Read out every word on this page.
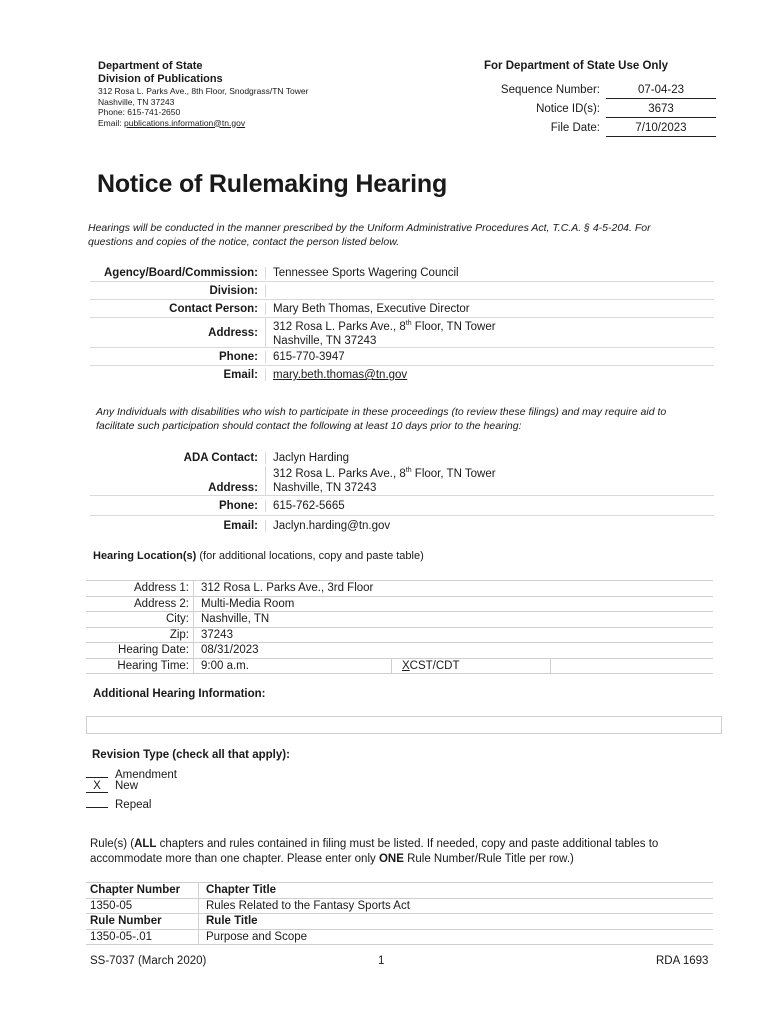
Department of State
Division of Publications
312 Rosa L. Parks Ave., 8th Floor, Snodgrass/TN Tower
Nashville, TN 37243
Phone: 615-741-2650
Email: publications.information@tn.gov
For Department of State Use Only
Sequence Number:	07-04-23
Notice ID(s):	3673
File Date:	7/10/2023
Notice of Rulemaking Hearing
Hearings will be conducted in the manner prescribed by the Uniform Administrative Procedures Act, T.C.A. § 4-5-204. For questions and copies of the notice, contact the person listed below.
Agency/Board/Commission:	Tennessee Sports Wagering Council
Division:
Contact Person:	Mary Beth Thomas, Executive Director
Address:	312 Rosa L. Parks Ave., 8th Floor, TN Tower
Nashville, TN 37243
Phone:	615-770-3947
Email:	mary.beth.thomas@tn.gov
Any Individuals with disabilities who wish to participate in these proceedings (to review these filings) and may require aid to facilitate such participation should contact the following at least 10 days prior to the hearing:
ADA Contact:	Jaclyn Harding
Address:
312 Rosa L. Parks Ave., 8th Floor, TN Tower
Nashville, TN 37243
Phone:	615-762-5665
Email:	Jaclyn.harding@tn.gov
Hearing Location(s) (for additional locations, copy and paste table)
Address 1:	312 Rosa L. Parks Ave., 3rd Floor
Address 2:	Multi-Media Room
City:	Nashville, TN
Zip:	37243
Hearing Date:	08/31/2023
Hearing Time:	9:00 a.m.	X CST/CDT
Additional Hearing Information:
Revision Type (check all that apply):
Amendment
X New
Repeal
Rule(s) (ALL chapters and rules contained in filing must be listed. If needed, copy and paste additional tables to accommodate more than one chapter. Please enter only ONE Rule Number/Rule Title per row.)
Chapter Number	Chapter Title
1350-05	Rules Related to the Fantasy Sports Act
Rule Number	Rule Title
1350-05-.01	Purpose and Scope
SS-7037 (March 2020)	1	RDA 1693
